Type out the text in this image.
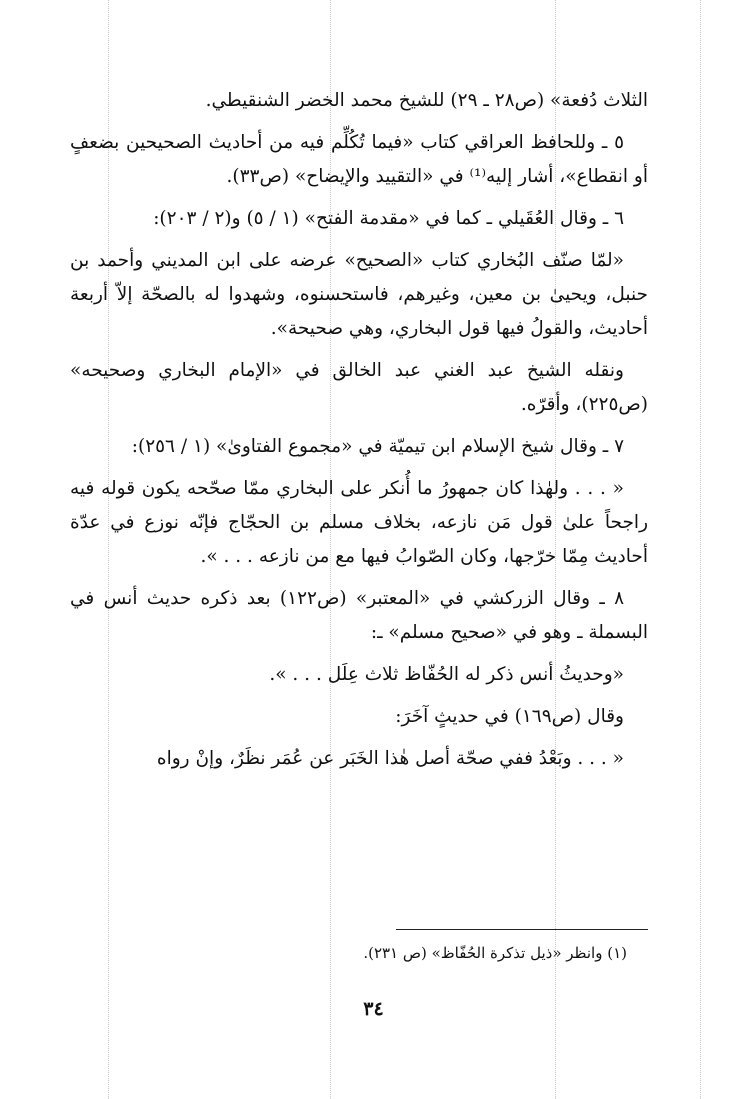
الثلاث دُفعة» (ص٢٨ ـ ٢٩) للشيخ محمد الخضر الشنقيطي.

٥ ـ وللحافظ العراقي كتاب «فيما تُكُلِّم فيه من أحاديث الصحيحين بضعفٍ أو انقطاع»، أشار إليه⁽¹⁾ في «التقييد والإيضاح» (ص٣٣).

٦ ـ وقال العُقَيلي ـ كما في «مقدمة الفتح» (١ / ٥) و(٢ / ٢٠٣):

«لمّا صنّف البُخاري كتاب «الصحيح» عرضه على ابن المديني وأحمد بن حنبل، ويحيىٰ بن معين، وغيرهم، فاستحسنوه، وشهدوا له بالصحّة إلاّ أربعة أحاديث، والقولُ فيها قول البخاري، وهي صحيحة».

ونقله الشيخ عبد الغني عبد الخالق في «الإمام البخاري وصحيحه» (ص٢٢٥)، وأقرّه.

٧ ـ وقال شيخ الإسلام ابن تيميّة في «مجموع الفتاوىٰ» (١ / ٢٥٦):

« . . . ولهٰذا كان جمهورُ ما أُنكر على البخاري ممّا صحّحه يكون قوله فيه راجحاً علىٰ قول مَن نازعه، بخلاف مسلم بن الحجّاج فإنّه نوزع في عدّة أحاديث مِمّا خرّجها، وكان الصّوابُ فيها مع من نازعه . . . ».

٨ ـ وقال الزركشي في «المعتبر» (ص١٢٢) بعد ذكره حديث أنس في البسملة ـ وهو في «صحيح مسلم» ـ:

«وحديثُ أنس ذكر له الحُفّاظ ثلاث عِلَل . . . ».

وقال (ص١٦٩) في حديثٍ آخَرَ:

« . . . وبَعْدُ ففي صحّة أصل هٰذا الخَبَر عن عُمَر نظَرٌ، وإنْ رواه

(١) وانظر «ذيل تذكرة الحُفّاظ» (ص ٢٣١).
٣٤
